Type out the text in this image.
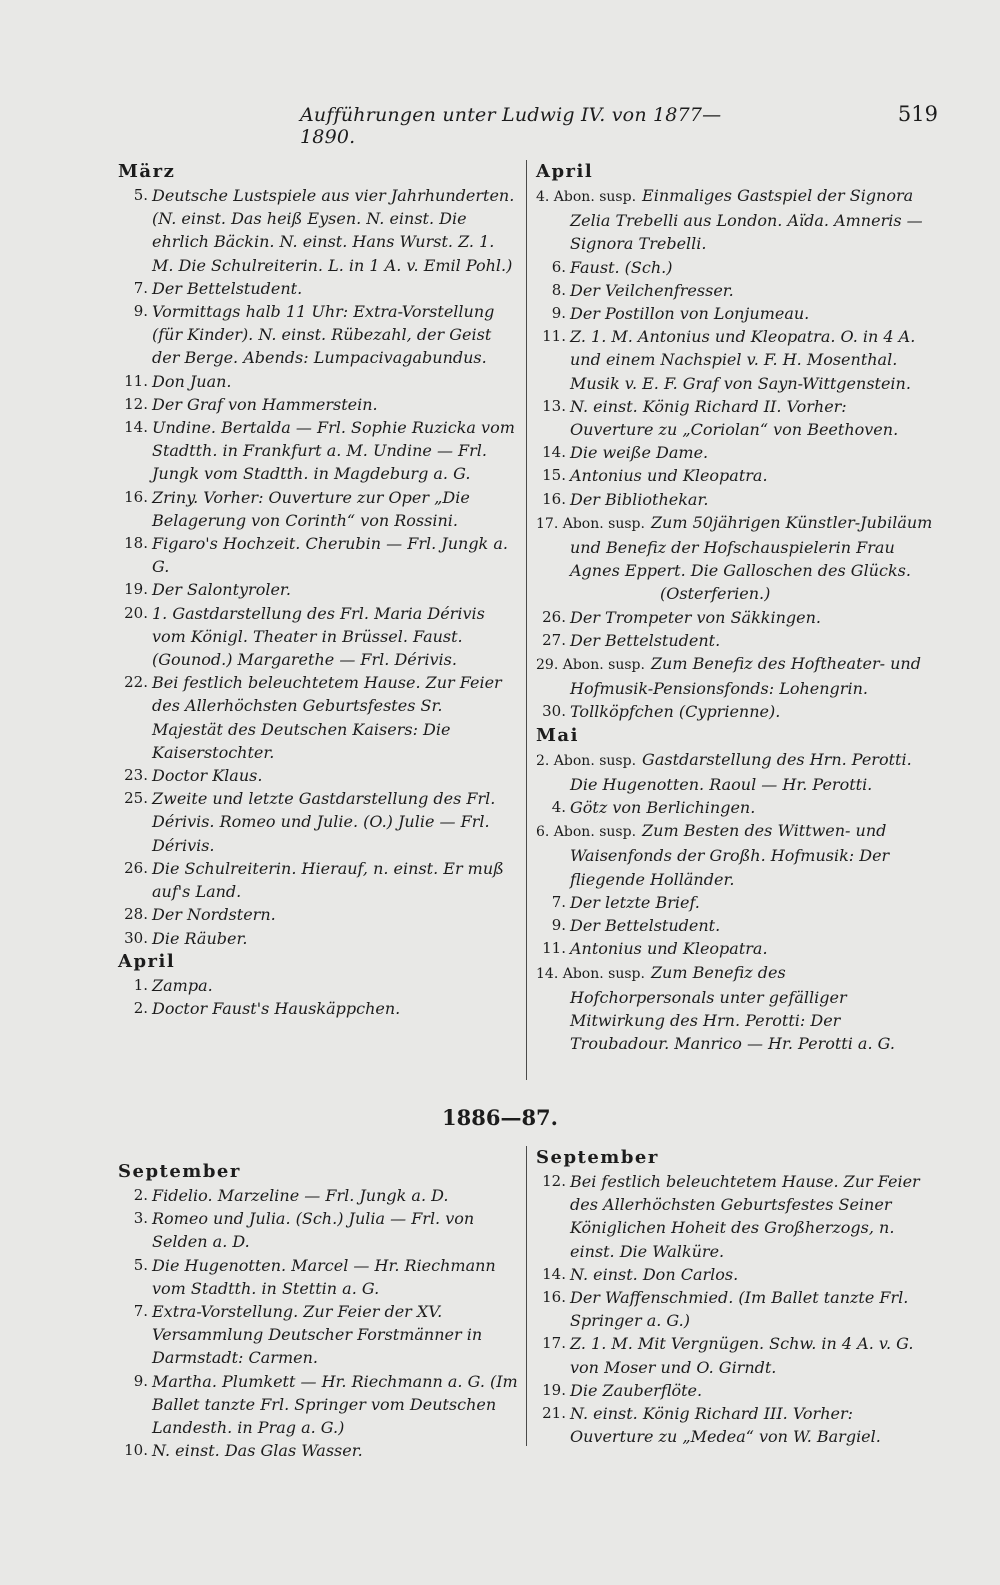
Aufführungen unter Ludwig IV. von 1877—1890.
519
März
5. Deutsche Lustspiele aus vier Jahrhunderten. (N. einst. Das heiß Eysen. N. einst. Die ehrlich Bäckin. N. einst. Hans Wurst. Z. 1. M. Die Schulreiterin. L. in 1 A. v. Emil Pohl.)
7. Der Bettelstudent.
9. Vormittags halb 11 Uhr: Extra-Vorstellung (für Kinder). N. einst. Rübezahl, der Geist der Berge. Abends: Lumpacivagabundus.
11. Don Juan.
12. Der Graf von Hammerstein.
14. Undine. Bertalda — Frl. Sophie Ruzicka vom Stadtth. in Frankfurt a. M. Undine — Frl. Jungk vom Stadtth. in Magdeburg a. G.
16. Zriny. Vorher: Ouverture zur Oper „Die Belagerung von Corinth“ von Rossini.
18. Figaro's Hochzeit. Cherubin — Frl. Jungk a. G.
19. Der Salontyroler.
20. 1. Gastdarstellung des Frl. Maria Dérivis vom Königl. Theater in Brüssel. Faust. (Gounod.) Margarethe — Frl. Dérivis.
22. Bei festlich beleuchtetem Hause. Zur Feier des Allerhöchsten Geburtsfestes Sr. Majestät des Deutschen Kaisers: Die Kaiserstochter.
23. Doctor Klaus.
25. Zweite und letzte Gastdarstellung des Frl. Dérivis. Romeo und Julie. (O.) Julie — Frl. Dérivis.
26. Die Schulreiterin. Hierauf, n. einst. Er muß auf's Land.
28. Der Nordstern.
30. Die Räuber.
April
1. Zampa.
2. Doctor Faust's Hauskäppchen.
April
4. Abon. susp. Einmaliges Gastspiel der Signora Zelia Trebelli aus London. Aïda. Amneris — Signora Trebelli.
6. Faust. (Sch.)
8. Der Veilchenfresser.
9. Der Postillon von Lonjumeau.
11. Z. 1. M. Antonius und Kleopatra. O. in 4 A. und einem Nachspiel v. F. H. Mosenthal. Musik v. E. F. Graf von Sayn-Wittgenstein.
13. N. einst. König Richard II. Vorher: Ouverture zu „Coriolan“ von Beethoven.
14. Die weiße Dame.
15. Antonius und Kleopatra.
16. Der Bibliothekar.
17. Abon. susp. Zum 50jährigen Künstler-Jubiläum und Benefiz der Hofschauspielerin Frau Agnes Eppert. Die Galloschen des Glücks.
(Osterferien.)
26. Der Trompeter von Säkkingen.
27. Der Bettelstudent.
29. Abon. susp. Zum Benefiz des Hoftheater- und Hofmusik-Pensionsfonds: Lohengrin.
30. Tollköpfchen (Cyprienne).
Mai
2. Abon. susp. Gastdarstellung des Hrn. Perotti. Die Hugenotten. Raoul — Hr. Perotti.
4. Götz von Berlichingen.
6. Abon. susp. Zum Besten des Wittwen- und Waisenfonds der Großh. Hofmusik: Der fliegende Holländer.
7. Der letzte Brief.
9. Der Bettelstudent.
11. Antonius und Kleopatra.
14. Abon. susp. Zum Benefiz des Hofchorpersonals unter gefälliger Mitwirkung des Hrn. Perotti: Der Troubadour. Manrico — Hr. Perotti a. G.
1886—87.
September
2. Fidelio. Marzeline — Frl. Jungk a. D.
3. Romeo und Julia. (Sch.) Julia — Frl. von Selden a. D.
5. Die Hugenotten. Marcel — Hr. Riechmann vom Stadtth. in Stettin a. G.
7. Extra-Vorstellung. Zur Feier der XV. Versammlung Deutscher Forstmänner in Darmstadt: Carmen.
9. Martha. Plumkett — Hr. Riechmann a. G. (Im Ballet tanzte Frl. Springer vom Deutschen Landesth. in Prag a. G.)
10. N. einst. Das Glas Wasser.
September
12. Bei festlich beleuchtetem Hause. Zur Feier des Allerhöchsten Geburtsfestes Seiner Königlichen Hoheit des Großherzogs, n. einst. Die Walküre.
14. N. einst. Don Carlos.
16. Der Waffenschmied. (Im Ballet tanzte Frl. Springer a. G.)
17. Z. 1. M. Mit Vergnügen. Schw. in 4 A. v. G. von Moser und O. Girndt.
19. Die Zauberflöte.
21. N. einst. König Richard III. Vorher: Ouverture zu „Medea“ von W. Bargiel.
